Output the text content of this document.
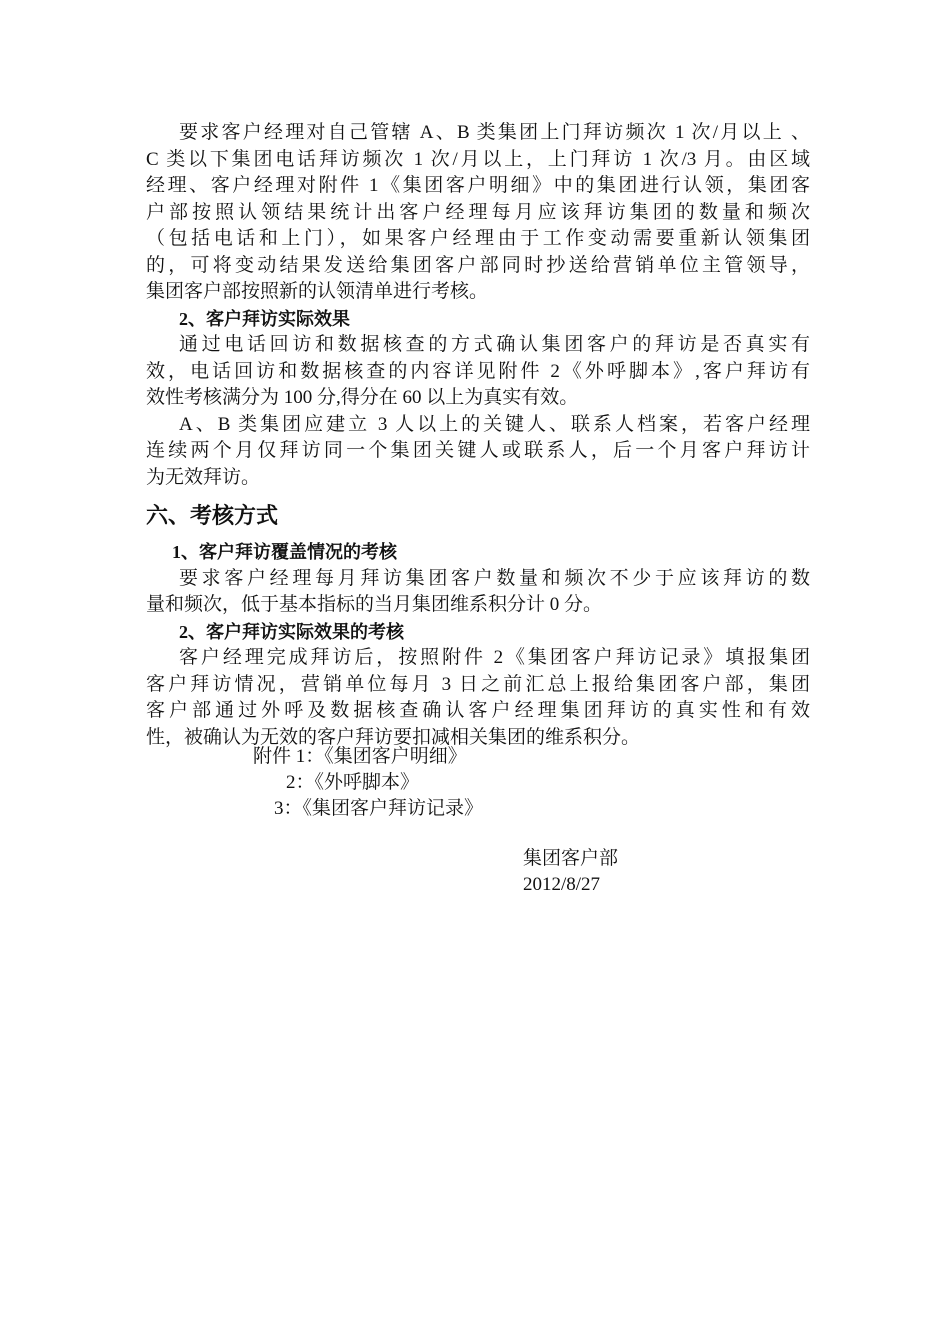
要求客户经理对自己管辖 A、B 类集团上门拜访频次 1 次/月以上 、
C 类以下集团电话拜访频次 1 次/月以上，上门拜访 1 次/3 月。由区域
经理、客户经理对附件 1《集团客户明细》中的集团进行认领，集团客
户部按照认领结果统计出客户经理每月应该拜访集团的数量和频次
（包括电话和上门），如果客户经理由于工作变动需要重新认领集团
的，可将变动结果发送给集团客户部同时抄送给营销单位主管领导，
集团客户部按照新的认领清单进行考核。

2、客户拜访实际效果

通过电话回访和数据核查的方式确认集团客户的拜访是否真实有
效，电话回访和数据核查的内容详见附件 2《外呼脚本》,客户拜访有
效性考核满分为 100 分,得分在 60 以上为真实有效。

A、B 类集团应建立 3 人以上的关键人、联系人档案，若客户经理
连续两个月仅拜访同一个集团关键人或联系人，后一个月客户拜访计
为无效拜访。

六、考核方式

1、客户拜访覆盖情况的考核

要求客户经理每月拜访集团客户数量和频次不少于应该拜访的数
量和频次，低于基本指标的当月集团维系积分计 0 分。

2、客户拜访实际效果的考核

客户经理完成拜访后，按照附件 2《集团客户拜访记录》填报集团
客户拜访情况，营销单位每月 3 日之前汇总上报给集团客户部，集团
客户部通过外呼及数据核查确认客户经理集团拜访的真实性和有效
性，被确认为无效的客户拜访要扣减相关集团的维系积分。

附件 1：《集团客户明细》
2：《外呼脚本》
3：《集团客户拜访记录》
集团客户部
2012/8/27
